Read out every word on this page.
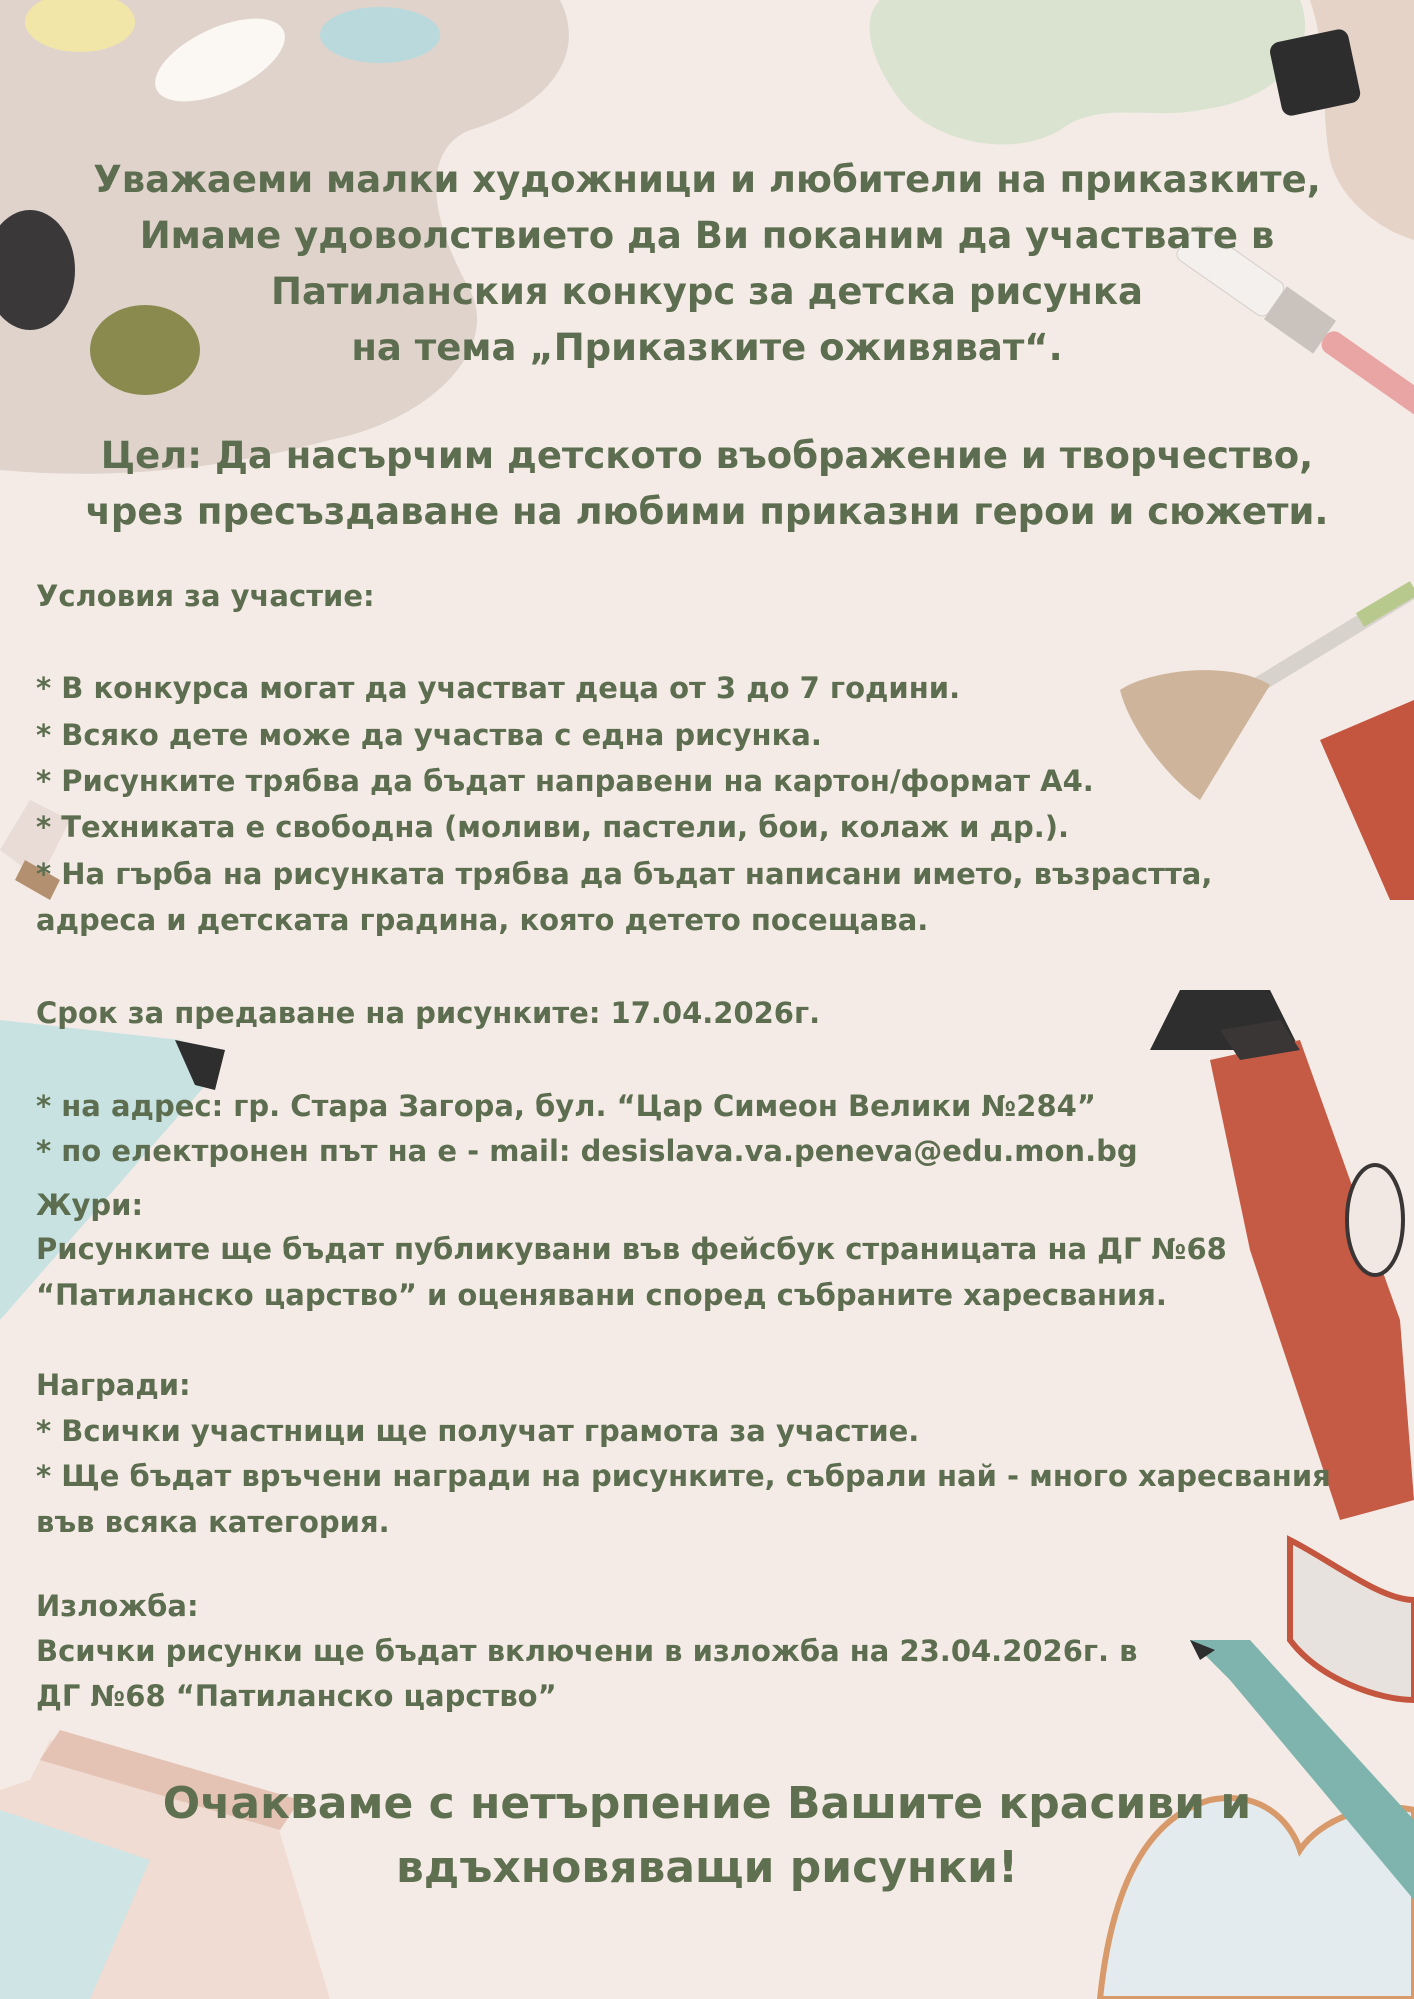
Уважаеми малки художници и любители на приказките,
Имаме удоволствието да Ви поканим да участвате в
Патиланския конкурс за детска рисунка
на тема „Приказките оживяват“.
Цел: Да насърчим детското въображение и творчество,
чрез пресъздаване на любими приказни герои и сюжети.
Условия за участие:
* В конкурса могат да участват деца от 3 до 7 години.
* Всяко дете може да участва с една рисунка.
* Рисунките трябва да бъдат направени на картон/формат А4.
* Техниката е свободна (моливи, пастели, бои, колаж и др.).
* На гърба на рисунката трябва да бъдат написани името, възрастта,
адреса и детската градина, която детето посещава.
Срок за предаване на рисунките: 17.04.2026г.
* на адрес: гр. Стара Загора, бул. “Цар Симеон Велики №284”
* по електронен път на е - mail: desislava.va.peneva@edu.mon.bg
Жури:
Рисунките ще бъдат публикувани във фейсбук страницата на ДГ №68
“Патиланско царство” и оценявани според събраните харесвания.
Награди:
* Всички участници ще получат грамота за участие.
* Ще бъдат връчени награди на рисунките, събрали най - много харесвания
във всяка категория.
Изложба:
Всички рисунки ще бъдат включени в изложба на 23.04.2026г. в
ДГ №68 “Патиланско царство”
Очакваме с нетърпение Вашите красиви и
вдъхновяващи рисунки!
